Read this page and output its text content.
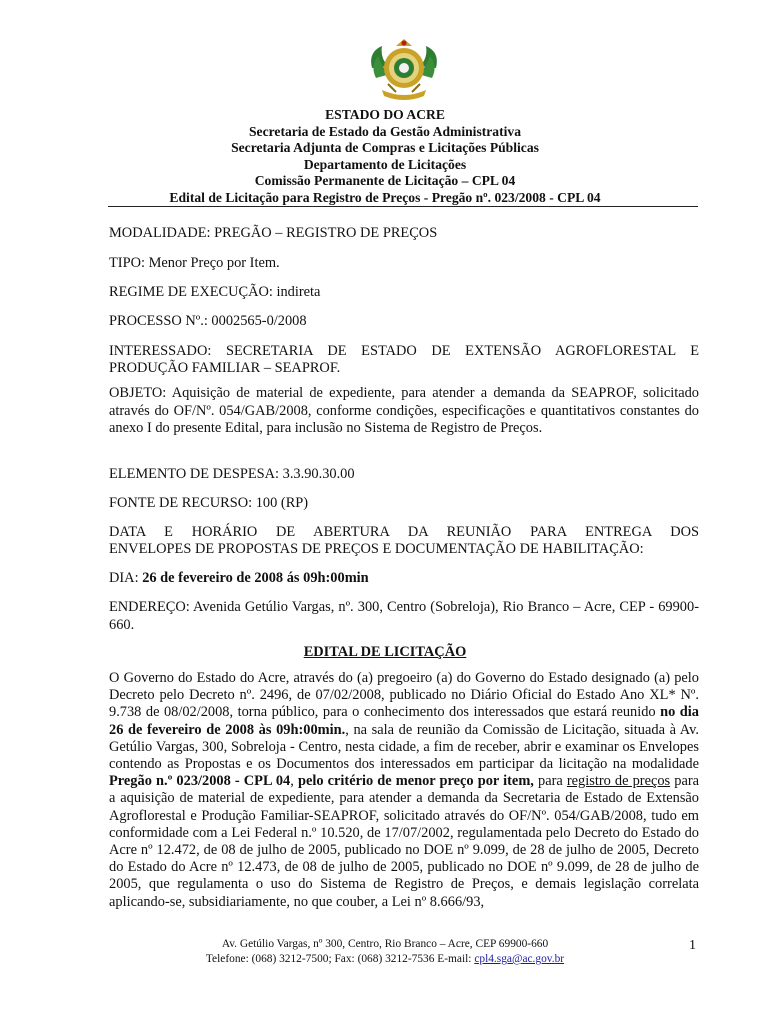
ESTADO DO ACRE
Secretaria de Estado da Gestão Administrativa
Secretaria Adjunta de Compras e Licitações Públicas
Departamento de Licitações
Comissão Permanente de Licitação – CPL 04
Edital de Licitação para Registro de Preços - Pregão nº. 023/2008 - CPL 04
MODALIDADE: PREGÃO – REGISTRO DE PREÇOS
TIPO: Menor Preço por Item.
REGIME DE EXECUÇÃO: indireta
PROCESSO Nº.: 0002565-0/2008
INTERESSADO: SECRETARIA DE ESTADO DE EXTENSÃO AGROFLORESTAL E
PRODUÇÃO FAMILIAR – SEAPROF.

OBJETO: Aquisição de material de expediente, para atender a demanda da SEAPROF, solicitado através do OF/Nº. 054/GAB/2008, conforme condições, especificações e quantitativos constantes do anexo I do presente Edital, para inclusão no Sistema de Registro de Preços.

ELEMENTO DE DESPESA: 3.3.90.30.00
FONTE DE RECURSO: 100 (RP)
DATA E HORÁRIO DE ABERTURA DA REUNIÃO PARA ENTREGA DOS
ENVELOPES DE PROPOSTAS DE PREÇOS E DOCUMENTAÇÃO DE HABILITAÇÃO:
DIA: 26 de fevereiro de 2008 ás 09h:00min

ENDEREÇO: Avenida Getúlio Vargas, nº. 300, Centro (Sobreloja), Rio Branco – Acre, CEP - 69900-660.

EDITAL DE LICITAÇÃO

O Governo do Estado do Acre, através do (a) pregoeiro (a) do Governo do Estado designado (a) pelo Decreto pelo Decreto nº. 2496, de 07/02/2008, publicado no Diário Oficial do Estado Ano XL* Nº. 9.738 de 08/02/2008, torna público, para o conhecimento dos interessados que estará reunido no dia 26 de fevereiro de 2008 às 09h:00min., na sala de reunião da Comissão de Licitação, situada à Av. Getúlio Vargas, 300, Sobreloja - Centro, nesta cidade, a fim de receber, abrir e examinar os Envelopes contendo as Propostas e os Documentos dos interessados em participar da licitação na modalidade Pregão n.º 023/2008 - CPL 04, pelo critério de menor preço por item, para registro de preços para a aquisição de material de expediente, para atender a demanda da Secretaria de Estado de Extensão Agroflorestal e Produção Familiar-SEAPROF, solicitado através do OF/Nº. 054/GAB/2008, tudo em conformidade com a Lei Federal n.º 10.520, de 17/07/2002, regulamentada pelo Decreto do Estado do Acre nº 12.472, de 08 de julho de 2005, publicado no DOE nº 9.099, de 28 de julho de 2005, Decreto do Estado do Acre nº 12.473, de 08 de julho de 2005, publicado no DOE nº 9.099, de 28 de julho de 2005, que regulamenta o uso do Sistema de Registro de Preços, e demais legislação correlata aplicando-se, subsidiariamente, no que couber, a Lei nº 8.666/93,

Av. Getúlio Vargas, nº 300, Centro, Rio Branco – Acre, CEP 69900-660
Telefone: (068) 3212-7500; Fax: (068) 3212-7536 E-mail: cpl4.sga@ac.gov.br
1
